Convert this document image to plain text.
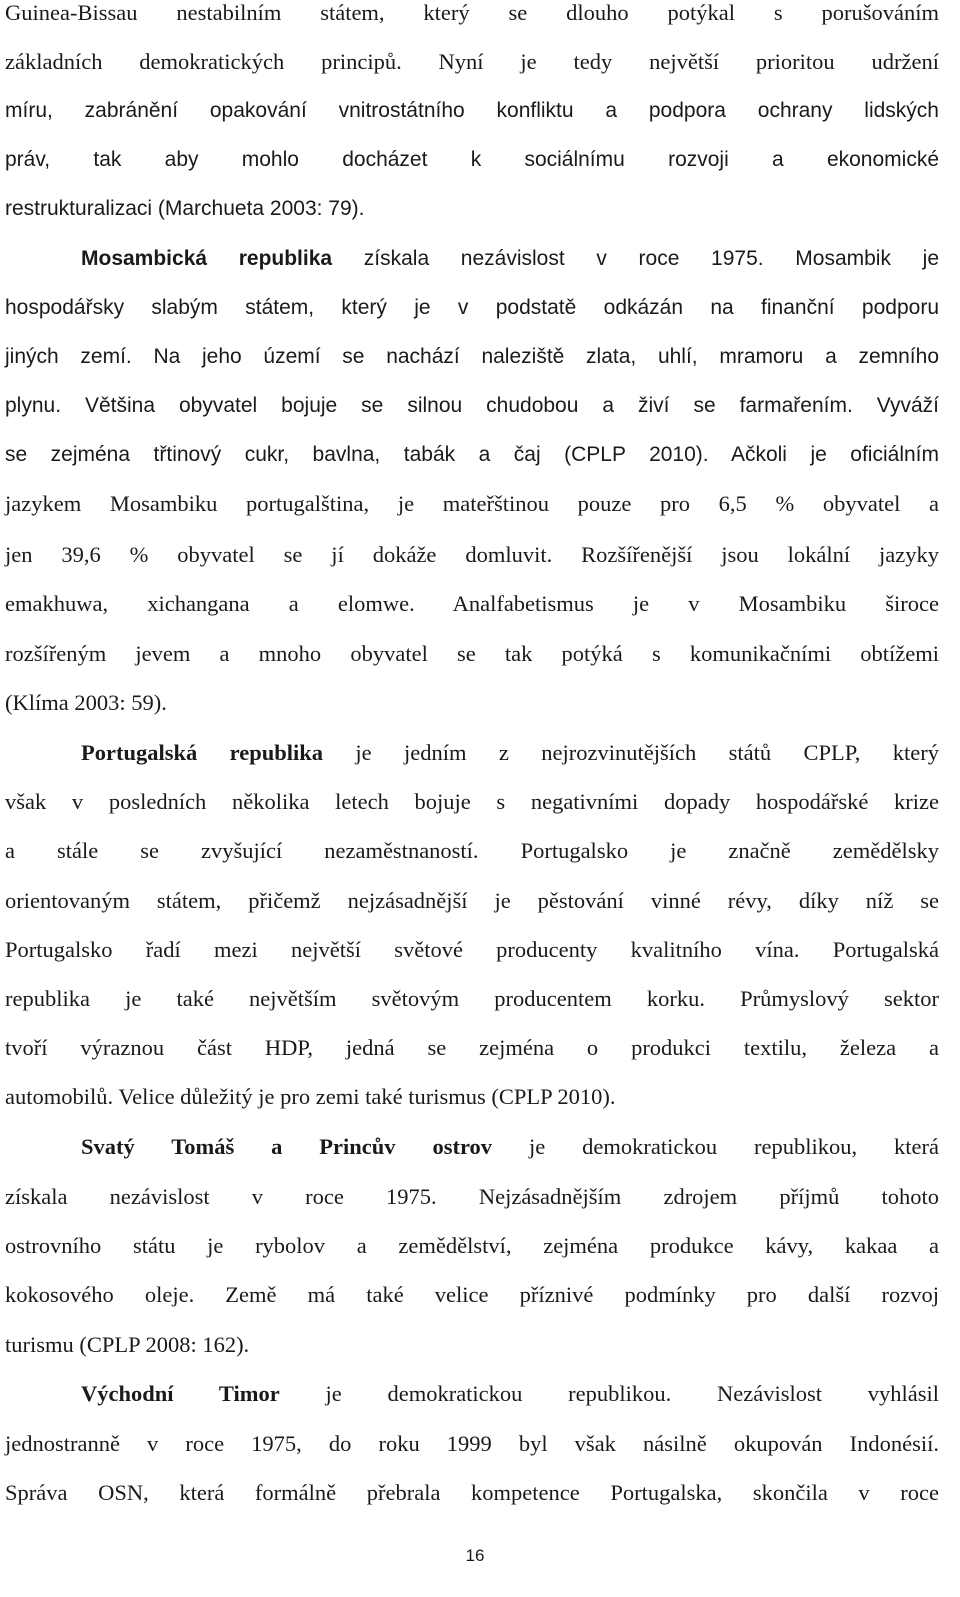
Guinea-Bissau nestabilním státem, který se dlouho potýkal s porušováním
základních demokratických principů. Nyní je tedy největší prioritou udržení
míru, zabránění opakování vnitrostátního konfliktu a podpora ochrany lidských
práv, tak aby mohlo docházet k sociálnímu rozvoji a ekonomické
restrukturalizaci (Marchueta 2003: 79).
Mosambická republika získala nezávislost v roce 1975. Mosambik je
hospodářsky slabým státem, který je v podstatě odkázán na finanční podporu
jiných zemí. Na jeho území se nachází naleziště zlata, uhlí, mramoru a zemního
plynu. Většina obyvatel bojuje se silnou chudobou a živí se farmařením. Vyváží
se zejména třtinový cukr, bavlna, tabák a čaj (CPLP 2010). Ačkoli je oficiálním
jazykem Mosambiku portugalština, je mateřštinou pouze pro 6,5 % obyvatel a
jen 39,6 % obyvatel se jí dokáže domluvit. Rozšířenější jsou lokální jazyky
emakhuwa, xichangana a elomwe. Analfabetismus je v Mosambiku široce
rozšířeným jevem a mnoho obyvatel se tak potýká s komunikačními obtížemi
(Klíma 2003: 59).
Portugalská republika je jedním z nejrozvinutějších států CPLP, který
však v posledních několika letech bojuje s negativními dopady hospodářské krize
a stále se zvyšující nezaměstnaností. Portugalsko je značně zemědělsky
orientovaným státem, přičemž nejzásadnější je pěstování vinné révy, díky níž se
Portugalsko řadí mezi největší světové producenty kvalitního vína. Portugalská
republika je také největším světovým producentem korku. Průmyslový sektor
tvoří výraznou část HDP, jedná se zejména o produkci textilu, železa a
automobilů. Velice důležitý je pro zemi také turismus (CPLP 2010).
Svatý Tomáš a Princův ostrov je demokratickou republikou, která
získala nezávislost v roce 1975. Nejzásadnějším zdrojem příjmů tohoto
ostrovního státu je rybolov a zemědělství, zejména produkce kávy, kakaa a
kokosového oleje. Země má také velice příznivé podmínky pro další rozvoj
turismu (CPLP 2008: 162).
Východní Timor je demokratickou republikou. Nezávislost vyhlásil
jednostranně v roce 1975, do roku 1999 byl však násilně okupován Indonésií.
Správa OSN, která formálně přebrala kompetence Portugalska, skončila v roce
16
